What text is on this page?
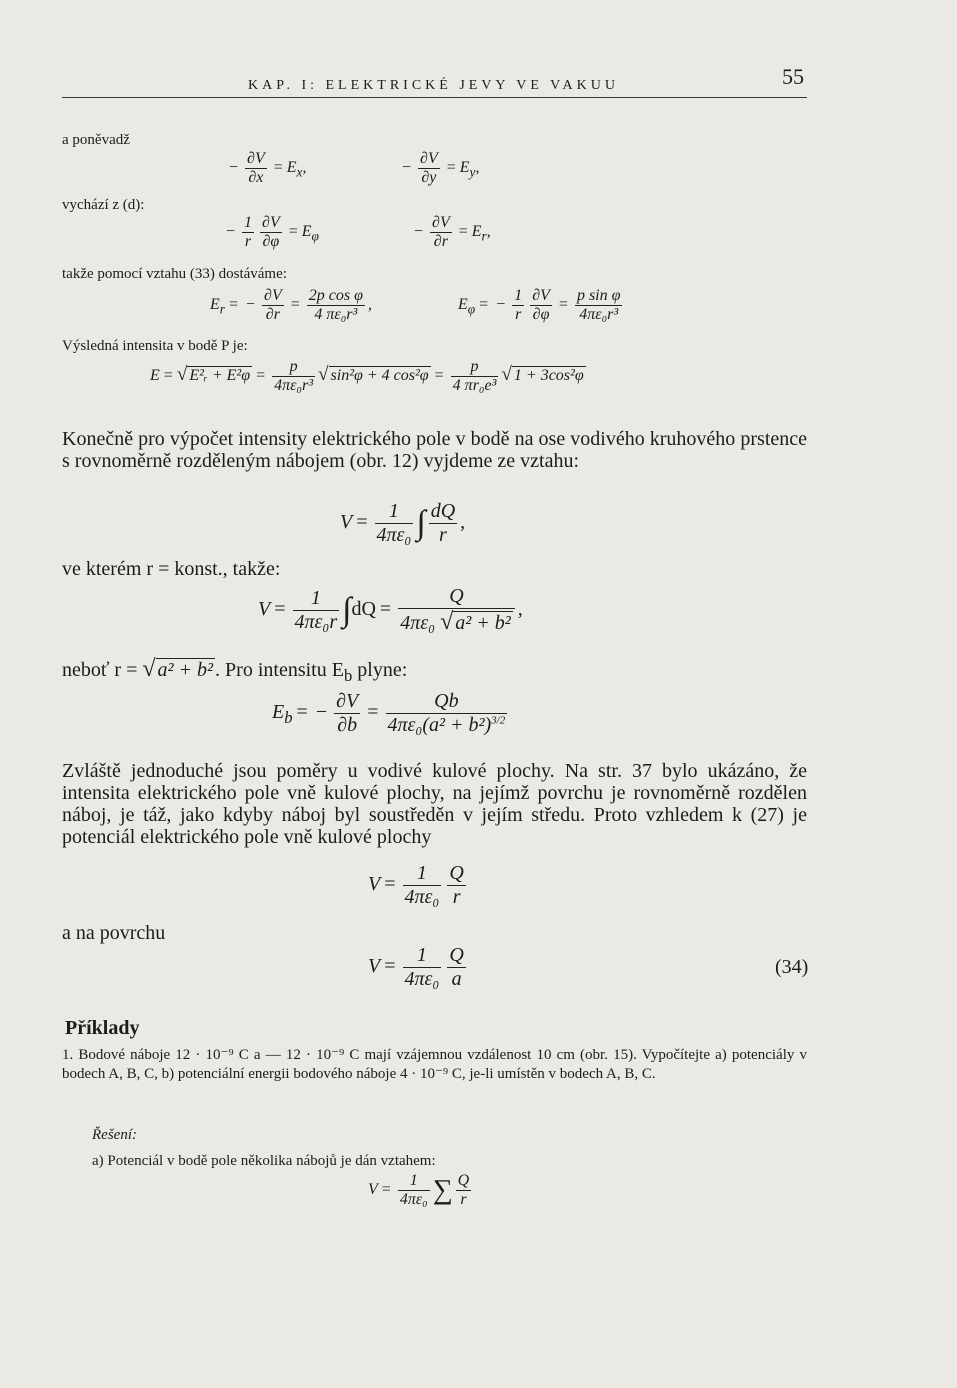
KAP. I: ELEKTRICKÉ JEVY VE VAKUU	55
a poněvadž
− $\frac{\partial V}{\partial x} = E_x$,	− $\frac{\partial V}{\partial y} = E_y$,
vychází z (d):
− $\frac{1}{r} \frac{\partial V}{\partial\varphi} = E_\varphi$	− $\frac{\partial V}{\partial r} = E_r$,
takže pomocí vztahu (33) dostáváme:
$E_r$ = − $\frac{\partial V}{\partial r} = \frac{\text{2p cos φ}}{\text{4 πε₀r³}}$ ,	$E_\varphi$ = − $\frac{1}{r} \frac{\partial V}{\partial\varphi} = \frac{\text{p sin φ}}{\text{4πε₀r³}}$
Výsledná intensita v bodě P je:
E = √ E²ᵣ + $E^2\varphi = \frac{p}{\text{4πε₀r³}}$ √ sin²φ + 4 $\cos^2\varphi = \frac{p}{\text{4 πr₀e³}}$ √ 1 + 3cos²φ
Konečně pro výpočet intensity elektrického pole v bodě na ose vodivého kruhového prstence s rovnoměrně rozděleným nábojem (obr. 12) vyjdeme ze vztahu:
$V = \frac{1}{\text{4πε₀}}$ ∫ $\frac{dQ}{r}$ ,
ve kterém r = konst., takže:
$V = \frac{1}{\text{4πε₀r}} \int dQ = \frac{Q}{\text{4πε₀ √ a² + b²}}$ ,
neboť r = √ a² + b² . Pro intensitu $E_b$ plyne:
$E_b$ = − $\frac{\partial V}{\partial b} = \frac{Qb}{4\pi\varepsilon_0(a^2 + b^2)^{3/2}}$
Zvláště jednoduché jsou poměry u vodivé kulové plochy. Na str. 37 bylo ukázáno, že intensita elektrického pole vně kulové plochy, na jejímž povrchu je rovnoměrně rozdělen náboj, je táž, jako kdyby náboj byl soustředěn v jejím středu. Proto vzhledem k (27) je potenciál elektrického pole vně kulové plochy
$V = \frac{1}{\text{4πε₀}} \frac{Q}{r}$
a na povrchu
$V = \frac{1}{\text{4πε₀}} \frac{Q}{a}$	(34)
Příklady
1. Bodové náboje 12 · 10⁻⁹ C a — 12 · 10⁻⁹ C mají vzájemnou vzdálenost 10 cm (obr. 15). Vypočítejte a) potenciály v bodech A, B, C, b) potenciální energii bodového náboje 4 · 10⁻⁹ C, je-li umístěn v bodech A, B, C.
Řešení:
a) Potenciál v bodě pole několika nábojů je dán vztahem:
$V = \frac{1}{\text{4πε₀}}$ ∑ $\frac{Q}{r}$
